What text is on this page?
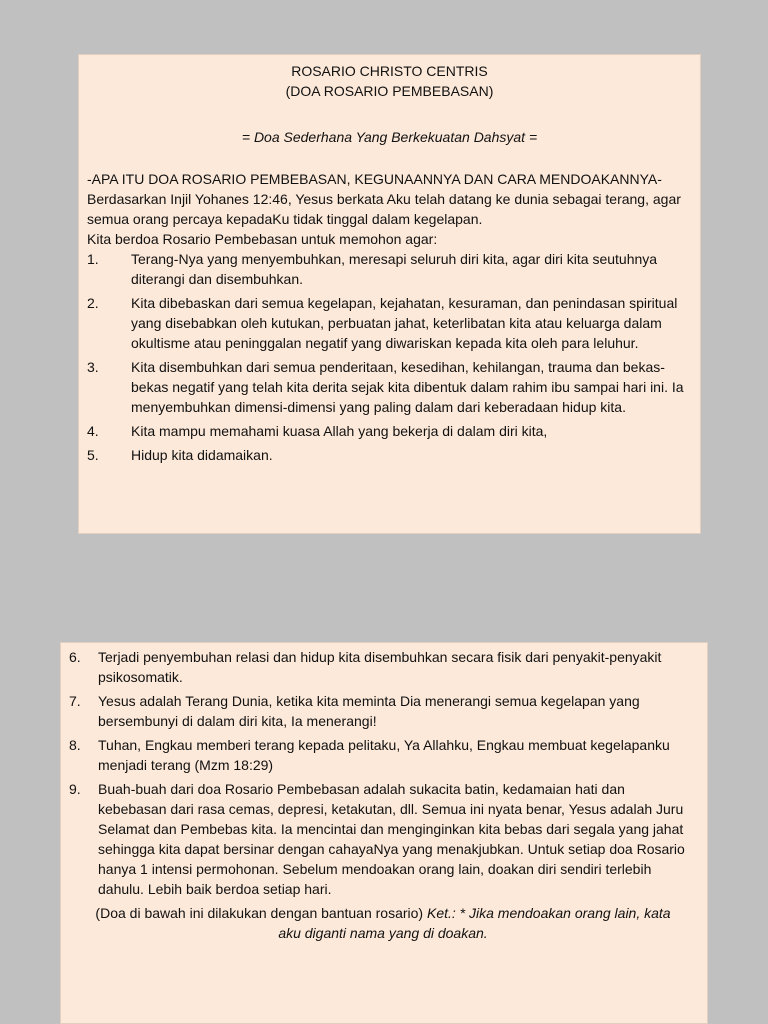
ROSARIO CHRISTO CENTRIS

(DOA ROSARIO PEMBEBASAN)

= Doa Sederhana Yang Berkekuatan Dahsyat =

-APA ITU DOA ROSARIO PEMBEBASAN, KEGUNAANNYA DAN CARA MENDOAKANNYA-

Berdasarkan Injil Yohanes 12:46, Yesus berkata Aku telah datang ke dunia sebagai terang, agar semua orang percaya kepadaKu tidak tinggal dalam kegelapan.

Kita berdoa Rosario Pembebasan untuk memohon agar:

1.	Terang-Nya yang menyembuhkan, meresapi seluruh diri kita, agar diri kita seutuhnya diterangi dan disembuhkan.
2.	Kita dibebaskan dari semua kegelapan, kejahatan, kesuraman, dan penindasan spiritual yang disebabkan oleh kutukan, perbuatan jahat, keterlibatan kita atau keluarga dalam okultisme atau peninggalan negatif yang diwariskan kepada kita oleh para leluhur.
3.	Kita disembuhkan dari semua penderitaan, kesedihan, kehilangan, trauma dan bekas-bekas negatif yang telah kita derita sejak kita dibentuk dalam rahim ibu sampai hari ini. Ia menyembuhkan dimensi-dimensi yang paling dalam dari keberadaan hidup kita.
4.	Kita mampu memahami kuasa Allah yang bekerja di dalam diri kita,
5.	Hidup kita didamaikan.
6.	Terjadi penyembuhan relasi dan hidup kita disembuhkan secara fisik dari penyakit-penyakit psikosomatik.
7.	Yesus adalah Terang Dunia, ketika kita meminta Dia menerangi semua kegelapan yang bersembunyi di dalam diri kita, Ia menerangi!
8.	Tuhan, Engkau memberi terang kepada pelitaku, Ya Allahku, Engkau membuat kegelapanku menjadi terang (Mzm 18:29)
9.	Buah-buah dari doa Rosario Pembebasan adalah sukacita batin, kedamaian hati dan kebebasan dari rasa cemas, depresi, ketakutan, dll. Semua ini nyata benar, Yesus adalah Juru Selamat dan Pembebas kita. Ia mencintai dan menginginkan kita bebas dari segala yang jahat sehingga kita dapat bersinar dengan cahayaNya yang menakjubkan. Untuk setiap doa Rosario hanya 1 intensi permohonan. Sebelum mendoakan orang lain, doakan diri sendiri terlebih dahulu. Lebih baik berdoa setiap hari.

(Doa di bawah ini dilakukan dengan bantuan rosario) Ket.: * Jika mendoakan orang lain, kata aku diganti nama yang di doakan.
